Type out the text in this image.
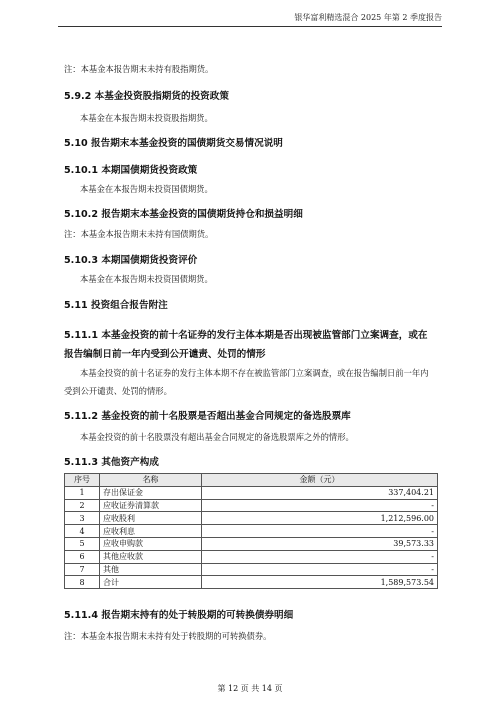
银华富利精选混合 2025 年第 2 季度报告
注：本基金本报告期末未持有股指期货。
5.9.2 本基金投资股指期货的投资政策
本基金在本报告期未投资股指期货。
5.10 报告期末本基金投资的国债期货交易情况说明
5.10.1 本期国债期货投资政策
本基金在本报告期未投资国债期货。
5.10.2 报告期末本基金投资的国债期货持仓和损益明细
注：本基金本报告期末未持有国债期货。
5.10.3 本期国债期货投资评价
本基金在本报告期未投资国债期货。
5.11 投资组合报告附注
5.11.1 本基金投资的前十名证券的发行主体本期是否出现被监管部门立案调查，或在报告编制日前一年内受到公开谴责、处罚的情形
本基金投资的前十名证券的发行主体本期不存在被监管部门立案调查，或在报告编制日前一年内受到公开谴责、处罚的情形。
5.11.2 基金投资的前十名股票是否超出基金合同规定的备选股票库
本基金投资的前十名股票没有超出基金合同规定的备选股票库之外的情形。
5.11.3 其他资产构成
序号	名称	金额（元）
1	存出保证金	337,404.21
2	应收证券清算款	-
3	应收股利	1,212,596.00
4	应收利息	-
5	应收申购款	39,573.33
6	其他应收款	-
7	其他	-
8	合计	1,589,573.54
5.11.4 报告期末持有的处于转股期的可转换债券明细
注：本基金本报告期末未持有处于转股期的可转换债券。
第 12 页 共 14 页
